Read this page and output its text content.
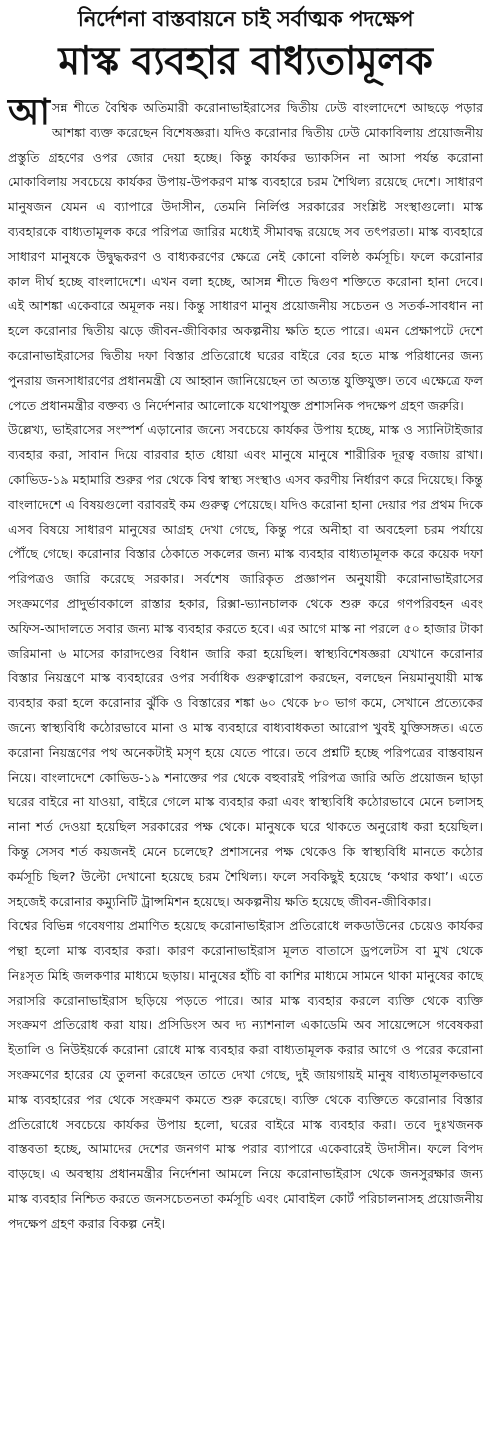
নির্দেশনা বাস্তবায়নে চাই সর্বাত্মক পদক্ষেপ
মাস্ক ব্যবহার বাধ্যতামূলক

আসন্ন শীতে বৈশ্বিক অতিমারী করোনাভাইরাসের দ্বিতীয় ঢেউ বাংলাদেশে আছড়ে পড়ার আশঙ্কা ব্যক্ত করেছেন বিশেষজ্ঞরা। যদিও করোনার দ্বিতীয় ঢেউ মোকাবিলায় প্রয়োজনীয় প্রস্তুতি গ্রহণের ওপর জোর দেয়া হচ্ছে। কিন্তু কার্যকর ভ্যাকসিন না আসা পর্যন্ত করোনা মোকাবিলায় সবচেয়ে কার্যকর উপায়-উপকরণ মাস্ক ব্যবহারে চরম শৈথিল্য রয়েছে দেশে। সাধারণ মানুষজন যেমন এ ব্যাপারে উদাসীন, তেমনি নির্লিপ্ত সরকারের সংশ্লিষ্ট সংস্থাগুলো। মাস্ক ব্যবহারকে বাধ্যতামূলক করে পরিপত্র জারির মধ্যেই সীমাবদ্ধ রয়েছে সব তৎপরতা। মাস্ক ব্যবহারে সাধারণ মানুষকে উদ্বুদ্ধকরণ ও বাধ্যকরণের ক্ষেত্রে নেই কোনো বলিষ্ঠ কর্মসূচি। ফলে করোনার কাল দীর্ঘ হচ্ছে বাংলাদেশে। এখন বলা হচ্ছে, আসন্ন শীতে দ্বিগুণ শক্তিতে করোনা হানা দেবে। এই আশঙ্কা একেবারে অমূলক নয়। কিন্তু সাধারণ মানুষ প্রয়োজনীয় সচেতন ও সতর্ক-সাবধান না হলে করোনার দ্বিতীয় ঝড়ে জীবন-জীবিকার অকল্পনীয় ক্ষতি হতে পারে। এমন প্রেক্ষাপটে দেশে করোনাভাইরাসের দ্বিতীয় দফা বিস্তার প্রতিরোধে ঘরের বাইরে বের হতে মাস্ক পরিধানের জন্য পুনরায় জনসাধারণের প্রধানমন্ত্রী যে আহ্বান জানিয়েছেন তা অত্যন্ত যুক্তিযুক্ত। তবে এক্ষেত্রে ফল পেতে প্রধানমন্ত্রীর বক্তব্য ও নির্দেশনার আলোকে যথোপযুক্ত প্রশাসনিক পদক্ষেপ গ্রহণ জরুরি।

উল্লেখ্য, ভাইরাসের সংস্পর্শ এড়ানোর জন্যে সবচেয়ে কার্যকর উপায় হচ্ছে, মাস্ক ও স্যানিটাইজার ব্যবহার করা, সাবান দিয়ে বারবার হাত ধোয়া এবং মানুষে মানুষে শারীরিক দূরত্ব বজায় রাখা। কোভিড-১৯ মহামারি শুরুর পর থেকে বিশ্ব স্বাস্থ্য সংস্থাও এসব করণীয় নির্ধারণ করে দিয়েছে। কিন্তু বাংলাদেশে এ বিষয়গুলো বরাবরই কম গুরুত্ব পেয়েছে। যদিও করোনা হানা দেয়ার পর প্রথম দিকে এসব বিষয়ে সাধারণ মানুষের আগ্রহ দেখা গেছে, কিন্তু পরে অনীহা বা অবহেলা চরম পর্যায়ে পৌঁছে গেছে। করোনার বিস্তার ঠেকাতে সকলের জন্য মাস্ক ব্যবহার বাধ্যতামূলক করে কয়েক দফা পরিপত্রও জারি করেছে সরকার। সর্বশেষ জারিকৃত প্রজ্ঞাপন অনুযায়ী করোনাভাইরাসের সংক্রমণের প্রাদুর্ভাবকালে রাস্তার হকার, রিক্সা-ভ্যানচালক থেকে শুরু করে গণপরিবহন এবং অফিস-আদালতে সবার জন্য মাস্ক ব্যবহার করতে হবে। এর আগে মাস্ক না পরলে ৫০ হাজার টাকা জরিমানা ৬ মাসের কারাদণ্ডের বিধান জারি করা হয়েছিল। স্বাস্থ্যবিশেষজ্ঞরা যেখানে করোনার বিস্তার নিয়ন্ত্রণে মাস্ক ব্যবহারের ওপর সর্বাধিক গুরুত্বারোপ করছেন, বলছেন নিয়মানুযায়ী মাস্ক ব্যবহার করা হলে করোনার ঝুঁকি ও বিস্তারের শঙ্কা ৬০ থেকে ৮০ ভাগ কমে, সেখানে প্রত্যেকের জন্যে স্বাস্থ্যবিধি কঠোরভাবে মানা ও মাস্ক ব্যবহারে বাধ্যবাধকতা আরোপ খুবই যুক্তিসঙ্গত। এতে করোনা নিয়ন্ত্রণের পথ অনেকটাই মসৃণ হয়ে যেতে পারে। তবে প্রশ্নটি হচ্ছে পরিপত্রের বাস্তবায়ন নিয়ে। বাংলাদেশে কোভিড-১৯ শনাক্তের পর থেকে বহুবারই পরিপত্র জারি অতি প্রয়োজন ছাড়া ঘরের বাইরে না যাওয়া, বাইরে গেলে মাস্ক ব্যবহার করা এবং স্বাস্থ্যবিধি কঠোরভাবে মেনে চলাসহ নানা শর্ত দেওয়া হয়েছিল সরকারের পক্ষ থেকে। মানুষকে ঘরে থাকতে অনুরোধ করা হয়েছিল। কিন্তু সেসব শর্ত কয়জনই মেনে চলেছে? প্রশাসনের পক্ষ থেকেও কি স্বাস্থ্যবিধি মানতে কঠোর কর্মসূচি ছিল? উল্টো দেখানো হয়েছে চরম শৈথিল্য। ফলে সবকিছুই হয়েছে ‘কথার কথা’। এতে সহজেই করোনার কম্যুনিটি ট্রান্সমিশন হয়েছে। অকল্পনীয় ক্ষতি হয়েছে জীবন-জীবিকার।

বিশ্বের বিভিন্ন গবেষণায় প্রমাণিত হয়েছে করোনাভাইরাস প্রতিরোধে লকডাউনের চেয়েও কার্যকর পন্থা হলো মাস্ক ব্যবহার করা। কারণ করোনাভাইরাস মূলত বাতাসে ড্রপলেটস বা মুখ থেকে নিঃসৃত মিহি জলকণার মাধ্যমে ছড়ায়। মানুষের হাঁচি বা কাশির মাধ্যমে সামনে থাকা মানুষের কাছে সরাসরি করোনাভাইরাস ছড়িয়ে পড়তে পারে। আর মাস্ক ব্যবহার করলে ব্যক্তি থেকে ব্যক্তি সংক্রমণ প্রতিরোধ করা যায়। প্রসিডিংস অব দ্য ন্যাশনাল একাডেমি অব সায়েন্সেসে গবেষকরা ইতালি ও নিউইয়র্কে করোনা রোধে মাস্ক ব্যবহার করা বাধ্যতামূলক করার আগে ও পরের করোনা সংক্রমণের হারের যে তুলনা করেছেন তাতে দেখা গেছে, দুই জায়গায়ই মানুষ বাধ্যতামূলকভাবে মাস্ক ব্যবহারের পর থেকে সংক্রমণ কমতে শুরু করেছে। ব্যক্তি থেকে ব্যক্তিতে করোনার বিস্তার প্রতিরোধে সবচেয়ে কার্যকর উপায় হলো, ঘরের বাইরে মাস্ক ব্যবহার করা। তবে দুঃখজনক বাস্তবতা হচ্ছে, আমাদের দেশের জনগণ মাস্ক পরার ব্যাপারে একেবারেই উদাসীন। ফলে বিপদ বাড়ছে। এ অবস্থায় প্রধানমন্ত্রীর নির্দেশনা আমলে নিয়ে করোনাভাইরাস থেকে জনসুরক্ষার জন্য মাস্ক ব্যবহার নিশ্চিত করতে জনসচেতনতা কর্মসূচি এবং মোবাইল কোর্ট পরিচালনাসহ প্রয়োজনীয় পদক্ষেপ গ্রহণ করার বিকল্প নেই।
